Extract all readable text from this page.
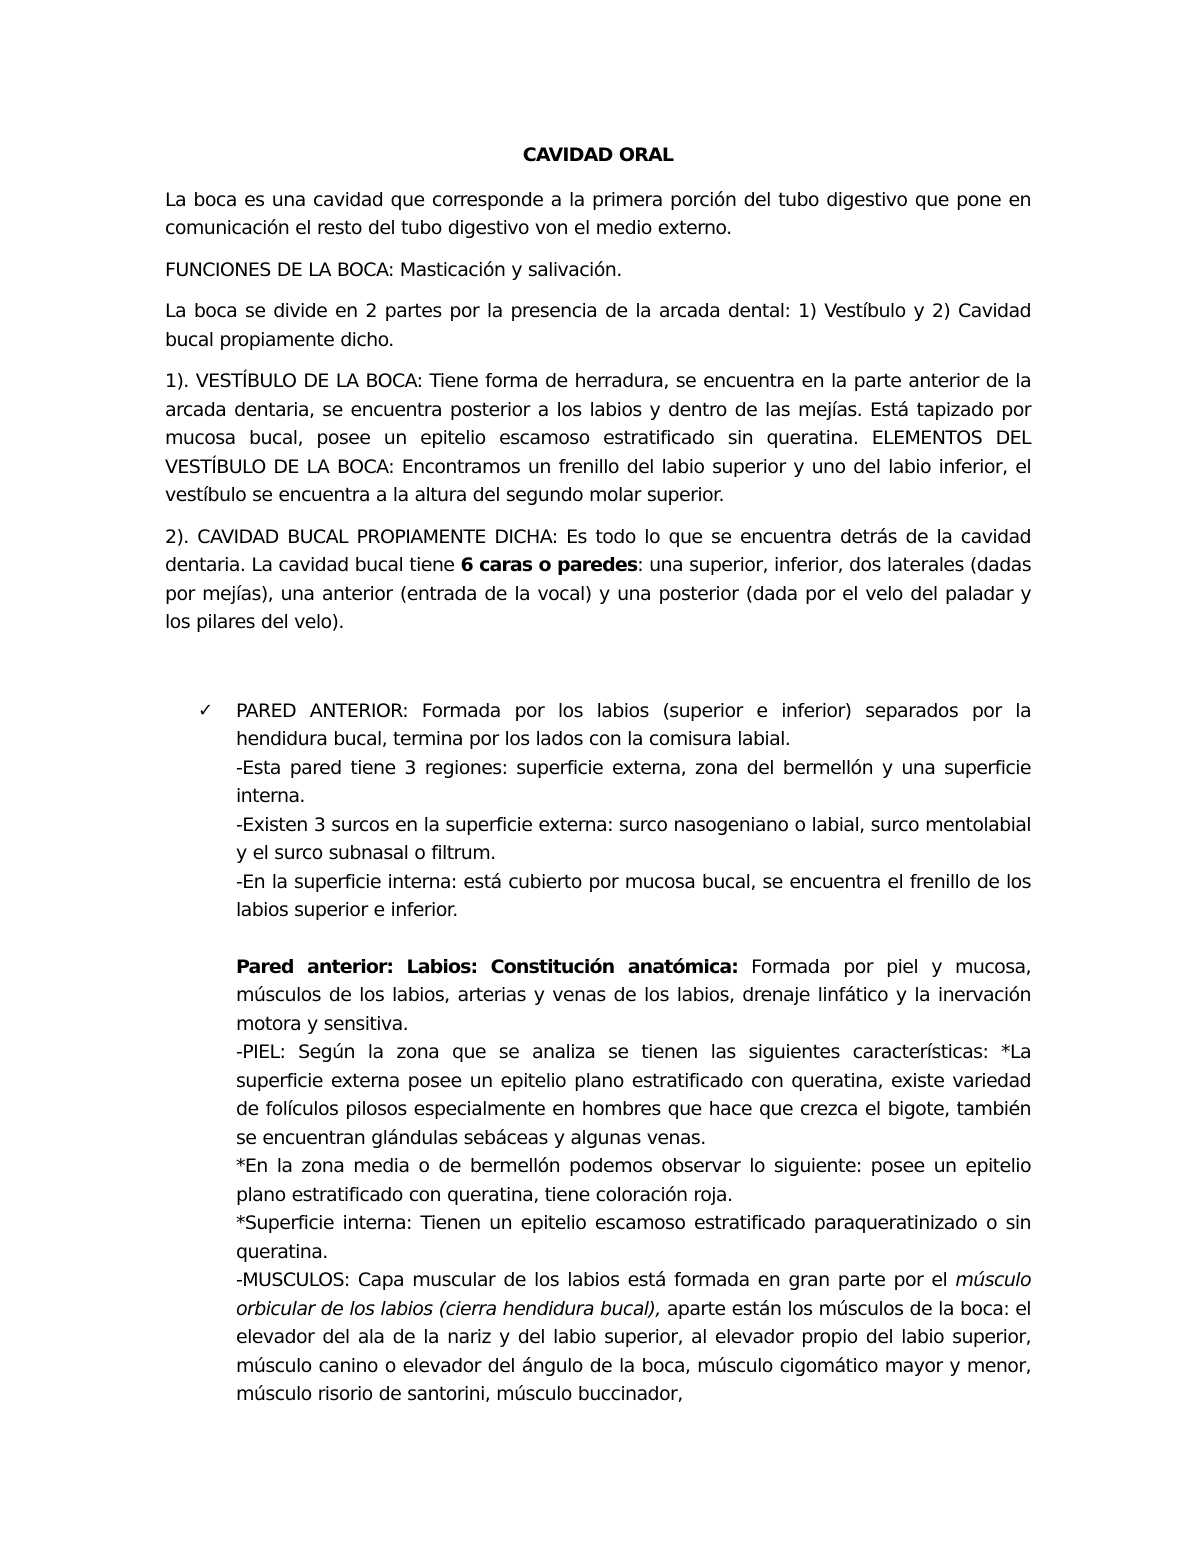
CAVIDAD ORAL

La boca es una cavidad que corresponde a la primera porción del tubo digestivo que pone en comunicación el resto del tubo digestivo von el medio externo.

FUNCIONES DE LA BOCA: Masticación y salivación.

La boca se divide en 2 partes por la presencia de la arcada dental: 1) Vestíbulo y 2) Cavidad bucal propiamente dicho.

1). VESTÍBULO DE LA BOCA: Tiene forma de herradura, se encuentra en la parte anterior de la arcada dentaria, se encuentra posterior a los labios y dentro de las mejías. Está tapizado por mucosa bucal, posee un epitelio escamoso estratificado sin queratina. ELEMENTOS DEL VESTÍBULO DE LA BOCA: Encontramos un frenillo del labio superior y uno del labio inferior, el vestíbulo se encuentra a la altura del segundo molar superior.

2). CAVIDAD BUCAL PROPIAMENTE DICHA: Es todo lo que se encuentra detrás de la cavidad dentaria. La cavidad bucal tiene 6 caras o paredes: una superior, inferior, dos laterales (dadas por mejías), una anterior (entrada de la vocal) y una posterior (dada por el velo del paladar y los pilares del velo).

✓ PARED ANTERIOR: Formada por los labios (superior e inferior) separados por la hendidura bucal, termina por los lados con la comisura labial.

-Esta pared tiene 3 regiones: superficie externa, zona del bermellón y una superficie interna.

-Existen 3 surcos en la superficie externa: surco nasogeniano o labial, surco mentolabial y el surco subnasal o filtrum.

-En la superficie interna: está cubierto por mucosa bucal, se encuentra el frenillo de los labios superior e inferior.

Pared anterior: Labios: Constitución anatómica: Formada por piel y mucosa, músculos de los labios, arterias y venas de los labios, drenaje linfático y la inervación motora y sensitiva.

-PIEL: Según la zona que se analiza se tienen las siguientes características: *La superficie externa posee un epitelio plano estratificado con queratina, existe variedad de folículos pilosos especialmente en hombres que hace que crezca el bigote, también se encuentran glándulas sebáceas y algunas venas.

*En la zona media o de bermellón podemos observar lo siguiente: posee un epitelio plano estratificado con queratina, tiene coloración roja.

*Superficie interna: Tienen un epitelio escamoso estratificado paraqueratinizado o sin queratina.

-MUSCULOS: Capa muscular de los labios está formada en gran parte por el músculo orbicular de los labios (cierra hendidura bucal), aparte están los músculos de la boca: el elevador del ala de la nariz y del labio superior, al elevador propio del labio superior, músculo canino o elevador del ángulo de la boca, músculo cigomático mayor y menor, músculo risorio de santorini, músculo buccinador,
